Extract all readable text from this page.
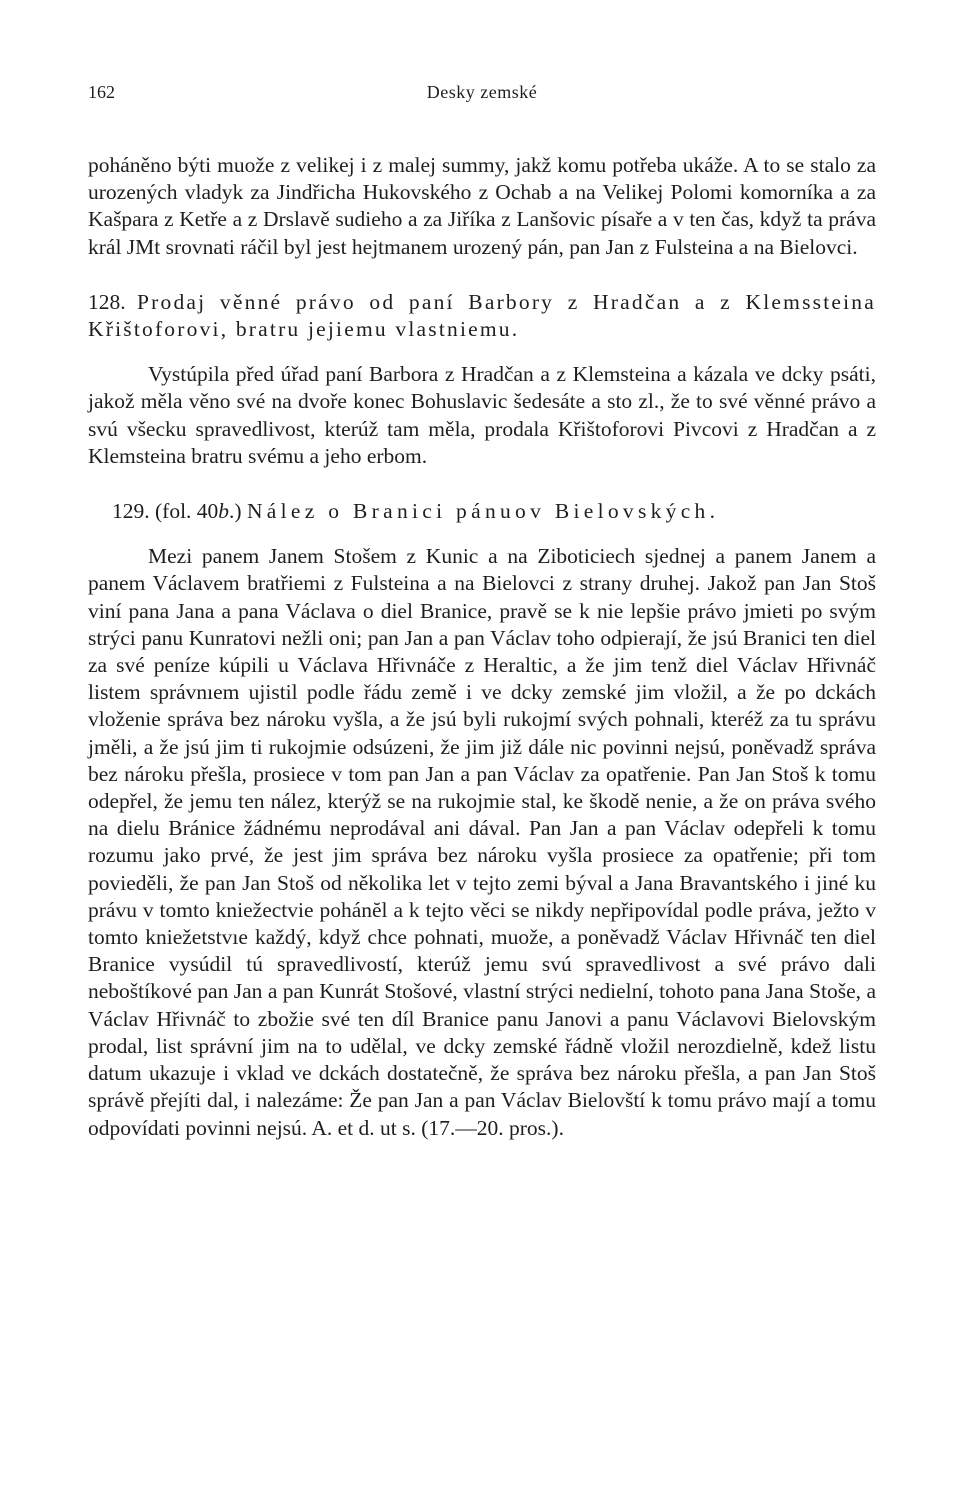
162	Desky zemské

poháněno býti muože z velikej i z malej summy, jakž komu potřeba ukáže. A to se stalo za urozených vladyk za Jindřicha Hukovského z Ochab a na Velikej Polomi komorníka a za Kašpara z Ketře a z Drslavě sudieho a za Jiříka z Lanšovic písaře a v ten čas, když ta práva král JMt srovnati ráčil byl jest hejtmanem urozený pán, pan Jan z Fulsteina a na Bielovci.

128. Prodaj věnné právo od paní Barbory z Hradčan a z Klemssteina Křištoforovi, bratru jejiemu vlastniemu.

Vystúpila před úřad paní Barbora z Hradčan a z Klemsteina a kázala ve dcky psáti, jakož měla věno své na dvoře konec Bohuslavic šedesáte a sto zl., že to své věnné právo a svú všecku spravedlivost, kterúž tam měla, prodala Křištoforovi Pivcovi z Hradčan a z Klemsteina bratru svému a jeho erbom.

129. (fol. 40b.) Nález o Branici pánuov Bielovských.

Mezi panem Janem Stošem z Kunic a na Ziboticiech sjednej a panem Janem a panem Václavem bratřiemi z Fulsteina a na Bielovci z strany druhej. Jakož pan Jan Stoš viní pana Jana a pana Václava o diel Branice, pravě se k nie lepšie právo jmieti po svým strýci panu Kunratovi nežli oni; pan Jan a pan Václav toho odpierají, že jsú Branici ten diel za své peníze kúpili u Václava Hřivnáče z Heraltic, a že jim tenž diel Václav Hřivnáč listem správnıem ujistil podle řádu země i ve dcky zemské jim vložil, a že po dckách vloženie správa bez nároku vyšla, a že jsú byli rukojmí svých pohnali, kteréž za tu správu jměli, a že jsú jim ti rukojmie odsúzeni, že jim již dále nic povinni nejsú, poněvadž správa bez nároku přešla, prosiece v tom pan Jan a pan Václav za opatřenie. Pan Jan Stoš k tomu odepřel, že jemu ten nález, kterýž se na rukojmie stal, ke škodě nenie, a že on práva svého na dielu Bránice žádnému neprodával ani dával. Pan Jan a pan Václav odepřeli k tomu rozumu jako prvé, že jest jim správa bez nároku vyšla prosiece za opatřenie; při tom povieděli, že pan Jan Stoš od několika let v tejto zemi býval a Jana Bravantského i jiné ku právu v tomto kniežectvie pohánĕl a k tejto věci se nikdy nepřipovídal podle práva, ježto v tomto kniežetstvıe každý, když chce pohnati, muože, a poněvadž Václav Hřivnáč ten diel Branice vysúdil tú spravedlivostí, kterúž jemu svú spravedlivost a své právo dali neboštíkové pan Jan a pan Kunrát Stošové, vlastní strýci nedielní, tohoto pana Jana Stoše, a Václav Hřivnáč to zbožie své ten díl Branice panu Janovi a panu Václavovi Bielovským prodal, list správní jim na to udělal, ve dcky zemské řádně vložil nerozdielně, kdež listu datum ukazuje i vklad ve dckách dostatečně, že správa bez nároku přešla, a pan Jan Stoš správě přejíti dal, i nalezáme: Že pan Jan a pan Václav Bielovští k tomu právo mají a tomu odpovídati povinni nejsú. A. et d. ut s. (17.—20. pros.).
